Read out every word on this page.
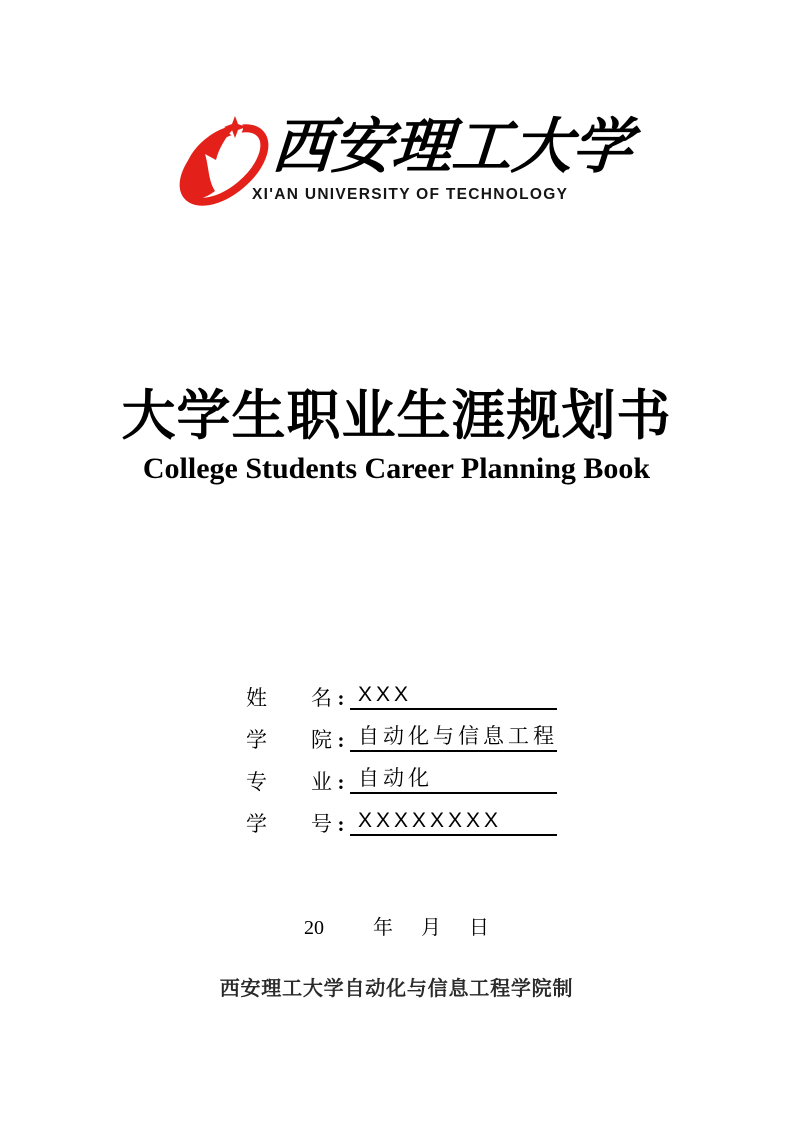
西安理工大学
XI'AN UNIVERSITY OF TECHNOLOGY
大学生职业生涯规划书
College Students Career Planning Book
姓名 : XXX
学院 : 自动化与信息工程
专业 : 自动化
学号 : XXXXXXXX
20 年 月 日
西安理工大学自动化与信息工程学院制
